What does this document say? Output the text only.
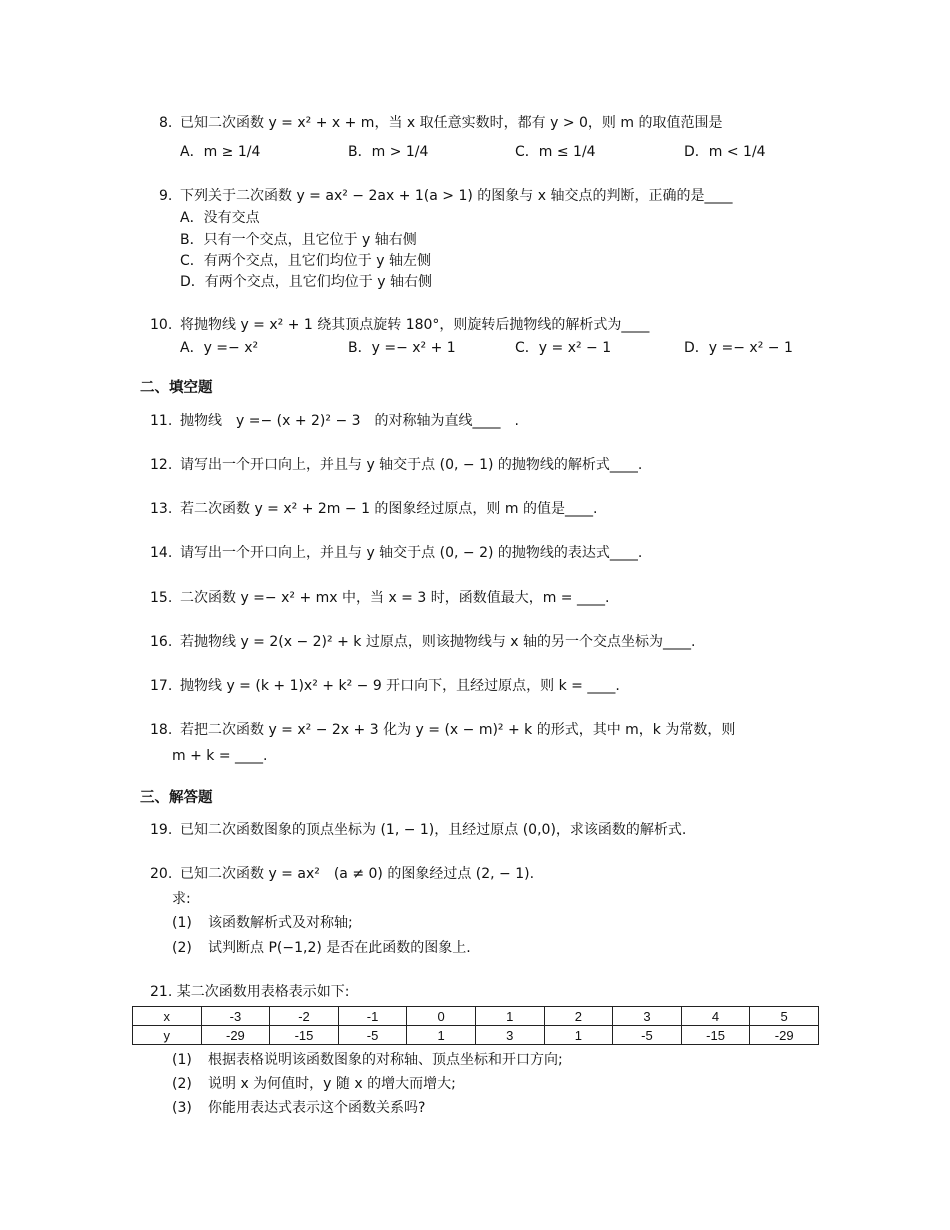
8. 已知二次函数 y = x² + x + m，当 x 取任意实数时，都有 y > 0，则 m 的取值范围是
A．m ≥ 1/4	B．m > 1/4	C．m ≤ 1/4	D．m < 1/4
9. 下列关于二次函数 y = ax² − 2ax + 1(a > 1) 的图象与 x 轴交点的判断，正确的是____
A．没有交点
B．只有一个交点，且它位于 y 轴右侧
C．有两个交点，且它们均位于 y 轴左侧
D．有两个交点，且它们均位于 y 轴右侧
10. 将抛物线 y = x² + 1 绕其顶点旋转 180°，则旋转后抛物线的解析式为____
A．y =− x²	B．y =− x² + 1	C．y = x² − 1	D．y =− x² − 1
二、填空题
11. 抛物线　y =− (x + 2)² − 3　的对称轴为直线____　.
12. 请写出一个开口向上，并且与 y 轴交于点 (0, − 1) 的抛物线的解析式____.
13. 若二次函数 y = x² + 2m − 1 的图象经过原点，则 m 的值是____.
14. 请写出一个开口向上，并且与 y 轴交于点 (0, − 2) 的抛物线的表达式____.
15. 二次函数 y =− x² + mx 中，当 x = 3 时，函数值最大，m = ____.
16. 若抛物线 y = 2(x − 2)² + k 过原点，则该抛物线与 x 轴的另一个交点坐标为____.
17. 抛物线 y = (k + 1)x² + k² − 9 开口向下，且经过原点，则 k = ____.
18. 若把二次函数 y = x² − 2x + 3 化为 y = (x − m)² + k 的形式，其中 m，k 为常数，则
m + k = ____.
三、解答题
19. 已知二次函数图象的顶点坐标为 (1, − 1)，且经过原点 (0,0)，求该函数的解析式.
20. 已知二次函数 y = ax²　(a ≠ 0) 的图象经过点 (2, − 1).
求:
(1) 该函数解析式及对称轴;
(2) 试判断点 P(−1,2) 是否在此函数的图象上.
21. 某二次函数用表格表示如下:
x	-3	-2	-1	0	1	2	3	4	5
y	-29	-15	-5	1	3	1	-5	-15	-29
(1) 根据表格说明该函数图象的对称轴、顶点坐标和开口方向;
(2) 说明 x 为何值时，y 随 x 的增大而增大;
(3) 你能用表达式表示这个函数关系吗?
